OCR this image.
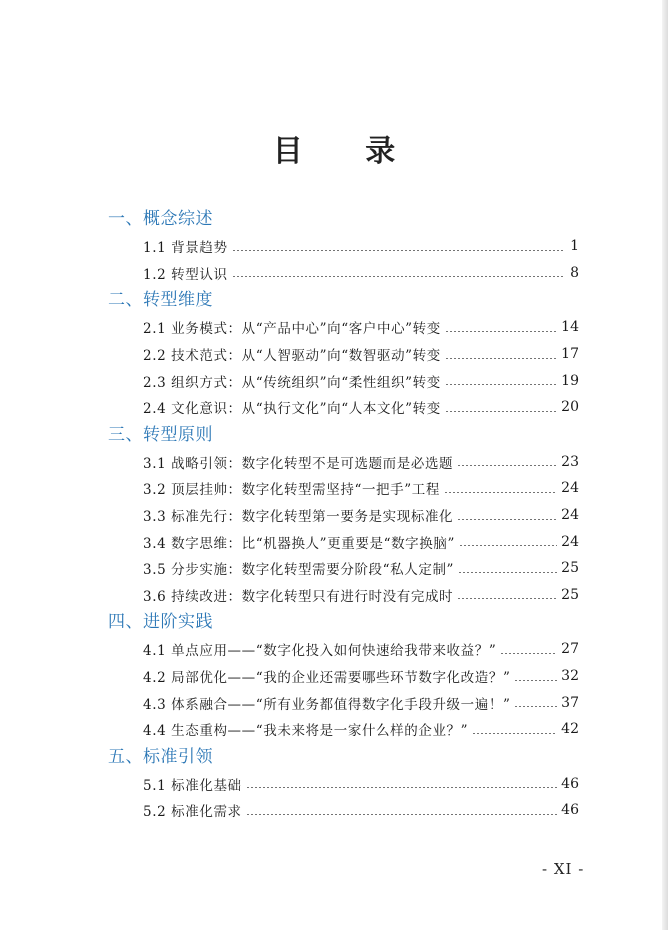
目 录
一、概念综述
1.1 背景趋势	1
1.2 转型认识	8
二、转型维度
2.1 业务模式：从“产品中心”向“客户中心”转变	14
2.2 技术范式：从“人智驱动”向“数智驱动”转变	17
2.3 组织方式：从“传统组织”向“柔性组织”转变	19
2.4 文化意识：从“执行文化”向“人本文化”转变	20
三、转型原则
3.1 战略引领：数字化转型不是可选题而是必选题	23
3.2 顶层挂帅：数字化转型需坚持“一把手”工程	24
3.3 标准先行：数字化转型第一要务是实现标准化	24
3.4 数字思维：比“机器换人”更重要是“数字换脑”	24
3.5 分步实施：数字化转型需要分阶段“私人定制”	25
3.6 持续改进：数字化转型只有进行时没有完成时	25
四、进阶实践
4.1 单点应用——“数字化投入如何快速给我带来收益？”	27
4.2 局部优化——“我的企业还需要哪些环节数字化改造？”	32
4.3 体系融合——“所有业务都值得数字化手段升级一遍！”	37
4.4 生态重构——“我未来将是一家什么样的企业？”	42
五、标准引领
5.1 标准化基础	46
5.2 标准化需求	46
- XI -
